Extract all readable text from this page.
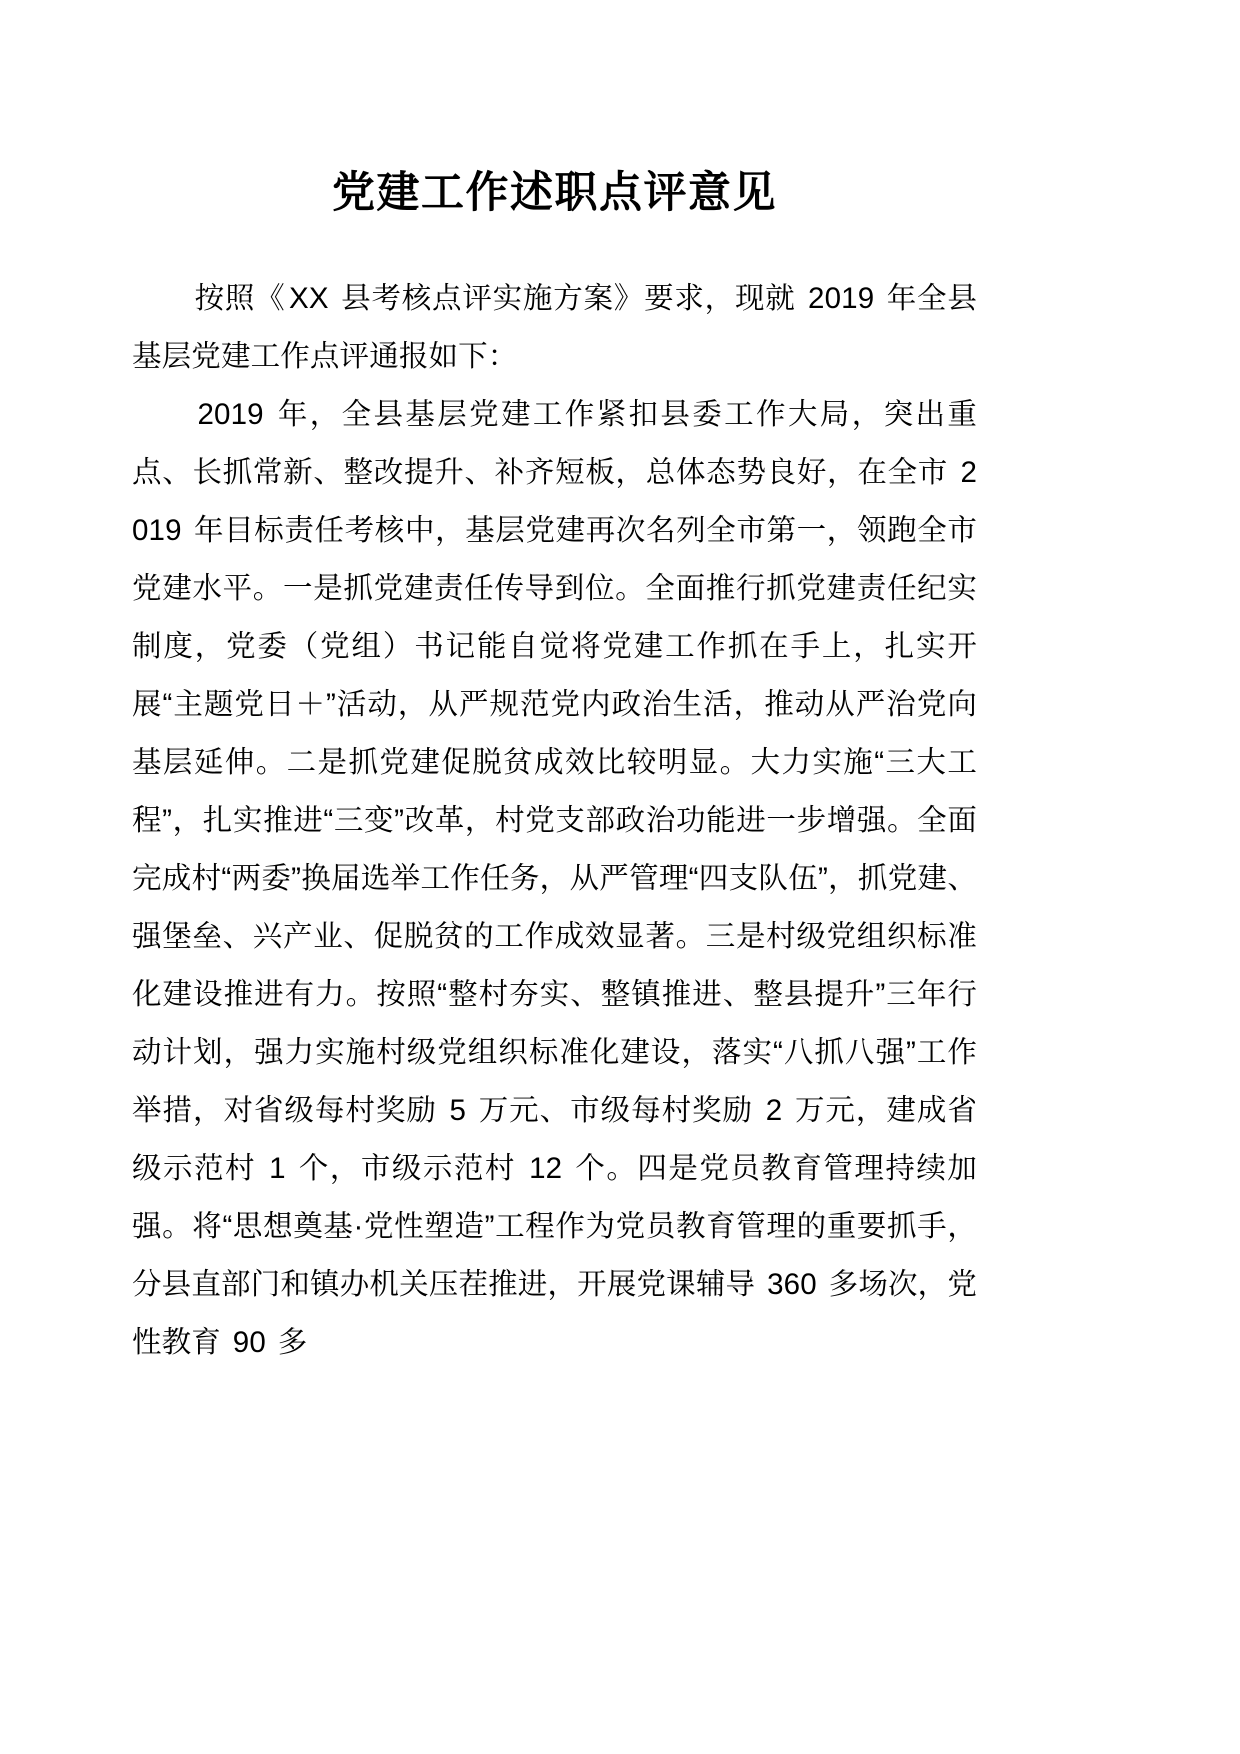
党建工作述职点评意见

按照《 XX 县考核点评实施方案》要求，现就 2019 年全县基层党建工作点评通报如下：

2019 年，全县基层党建工作紧扣县委工作大局，突出重点、长抓常新、整改提升、补齐短板，总体态势良好，在全市 2019 年目标责任考核中，基层党建再次名列全市第一，领跑全市党建水平。一是抓党建责任传导到位。全面推行抓党建责任纪实制度，党委（党组）书记能自觉将党建工作抓在手上，扎实开展“主题党日＋”活动，从严规范党内政治生活，推动从严治党向基层延伸。二是抓党建促脱贫成效比较明显。大力实施“三大工程”，扎实推进“三变”改革，村党支部政治功能进一步增强。全面完成村“两委”换届选举工作任务，从严管理“四支队伍”，抓党建、强堡垒、兴产业、促脱贫的工作成效显著。三是村级党组织标准化建设推进有力。按照“整村夯实、整镇推进、整县提升”三年行动计划，强力实施村级党组织标准化建设，落实“八抓八强”工作举措，对省级每村奖励 5 万元、市级每村奖励 2 万元，建成省级示范村 1 个，市级示范村 12 个。四是党员教育管理持续加强。将“思想奠基·党性塑造”工程作为党员教育管理的重要抓手，分县直部门和镇办机关压茬推进，开展党课辅导 360 多场次，党性教育 90 多
